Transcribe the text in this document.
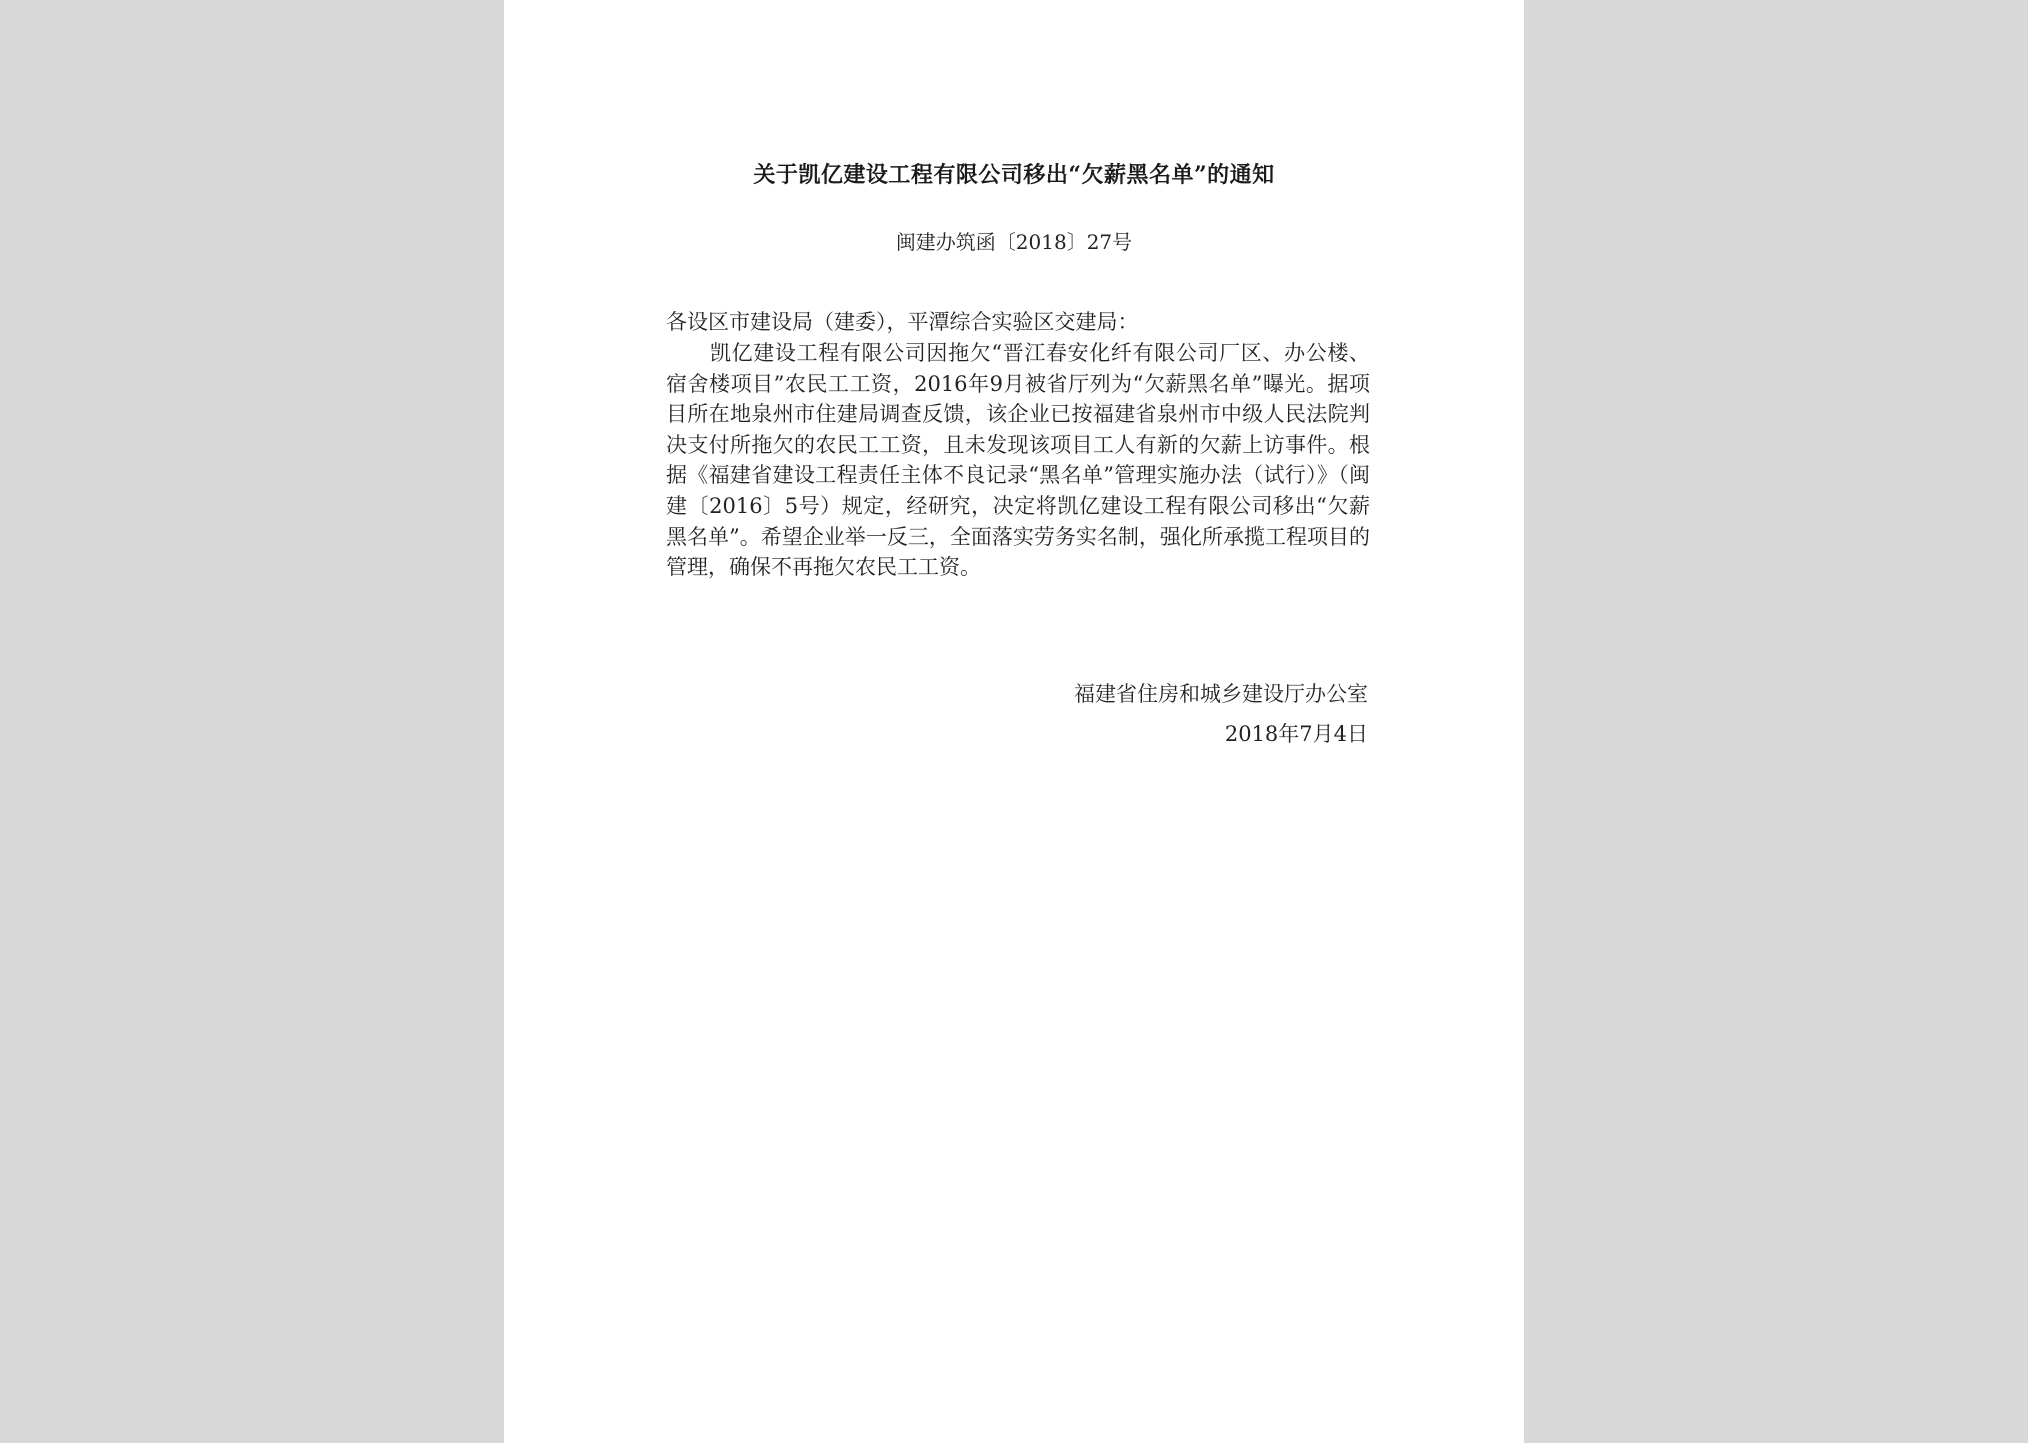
关于凯亿建设工程有限公司移出“欠薪黑名单”的通知
闽建办筑函〔2018〕27号

各设区市建设局（建委），平潭综合实验区交建局：

凯亿建设工程有限公司因拖欠“晋江春安化纤有限公司厂区、办公楼、宿舍楼项目”农民工工资，2016年9月被省厅列为“欠薪黑名单”曝光。据项目所在地泉州市住建局调查反馈，该企业已按福建省泉州市中级人民法院判决支付所拖欠的农民工工资，且未发现该项目工人有新的欠薪上访事件。根据《福建省建设工程责任主体不良记录“黑名单”管理实施办法（试行）》（闽建〔2016〕5号）规定，经研究，决定将凯亿建设工程有限公司移出“欠薪黑名单”。希望企业举一反三，全面落实劳务实名制，强化所承揽工程项目的管理，确保不再拖欠农民工工资。

福建省住房和城乡建设厅办公室
2018年7月4日
